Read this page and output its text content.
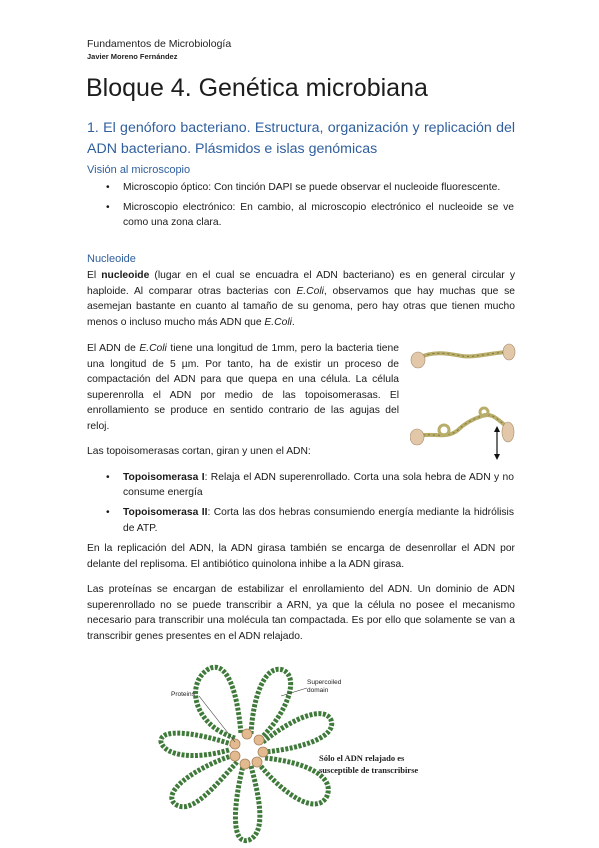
Fundamentos de Microbiología
Javier Moreno Fernández
Bloque 4. Genética microbiana
1. El genóforo bacteriano. Estructura, organización y replicación del ADN bacteriano. Plásmidos e islas genómicas
Visión al microscopio
• Microscopio óptico: Con tinción DAPI se puede observar el nucleoide fluorescente.
• Microscopio electrónico: En cambio, al microscopio electrónico el nucleoide se ve como una zona clara.
Nucleoide
El nucleoide (lugar en el cual se encuadra el ADN bacteriano) es en general circular y haploide. Al comparar otras bacterias con E.Coli, observamos que hay muchas que se asemejan bastante en cuanto al tamaño de su genoma, pero hay otras que tienen mucho menos o incluso mucho más ADN que E.Coli.
El ADN de E.Coli tiene una longitud de 1mm, pero la bacteria tiene una longitud de 5 µm. Por tanto, ha de existir un proceso de compactación del ADN para que quepa en una célula. La célula superenrolla el ADN por medio de las topoisomerasas. El enrollamiento se produce en sentido contrario de las agujas del reloj.
Las topoisomerasas cortan, giran y unen el ADN:
• Topoisomerasa I: Relaja el ADN superenrollado. Corta una sola hebra de ADN y no consume energía
• Topoisomerasa II: Corta las dos hebras consumiendo energía mediante la hidrólisis de ATP.
En la replicación del ADN, la ADN girasa también se encarga de desenrollar el ADN por delante del replisoma. El antibiótico quinolona inhibe a la ADN girasa.
Las proteínas se encargan de estabilizar el enrollamiento del ADN. Un dominio de ADN superenrollado no se puede transcribir a ARN, ya que la célula no posee el mecanismo necesario para transcribir una molécula tan compactada. Es por ello que solamente se van a transcribir genes presentes en el ADN relajado.
Proteins
Supercoiled
domain
Sólo el ADN relajado es
susceptible de transcribirse
